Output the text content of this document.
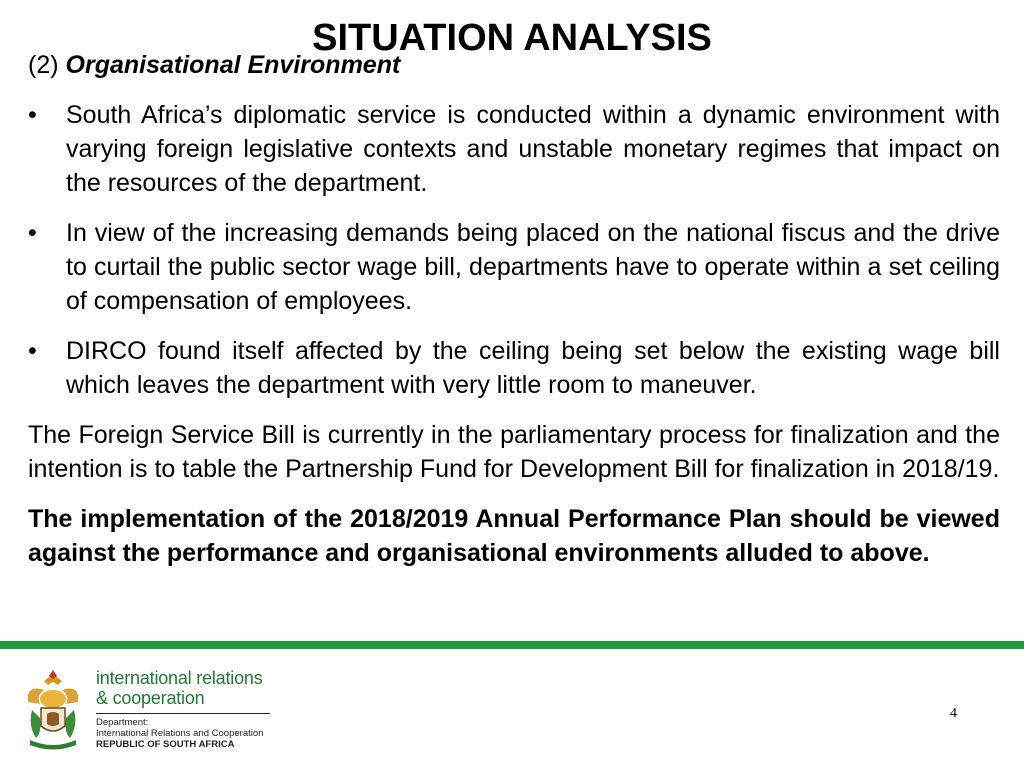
SITUATION ANALYSIS

(2) Organisational Environment

• South Africa’s diplomatic service is conducted within a dynamic environment with varying foreign legislative contexts and unstable monetary regimes that impact on the resources of the department.
• In view of the increasing demands being placed on the national fiscus and the drive to curtail the public sector wage bill, departments have to operate within a set ceiling of compensation of employees.
• DIRCO found itself affected by the ceiling being set below the existing wage bill which leaves the department with very little room to maneuver.

The Foreign Service Bill is currently in the parliamentary process for finalization and the intention is to table the Partnership Fund for Development Bill for finalization in 2018/19.

The implementation of the 2018/2019 Annual Performance Plan should be viewed against the performance and organisational environments alluded to above.

international relations
& cooperation
Department:
International Relations and Cooperation
REPUBLIC OF SOUTH AFRICA
4
